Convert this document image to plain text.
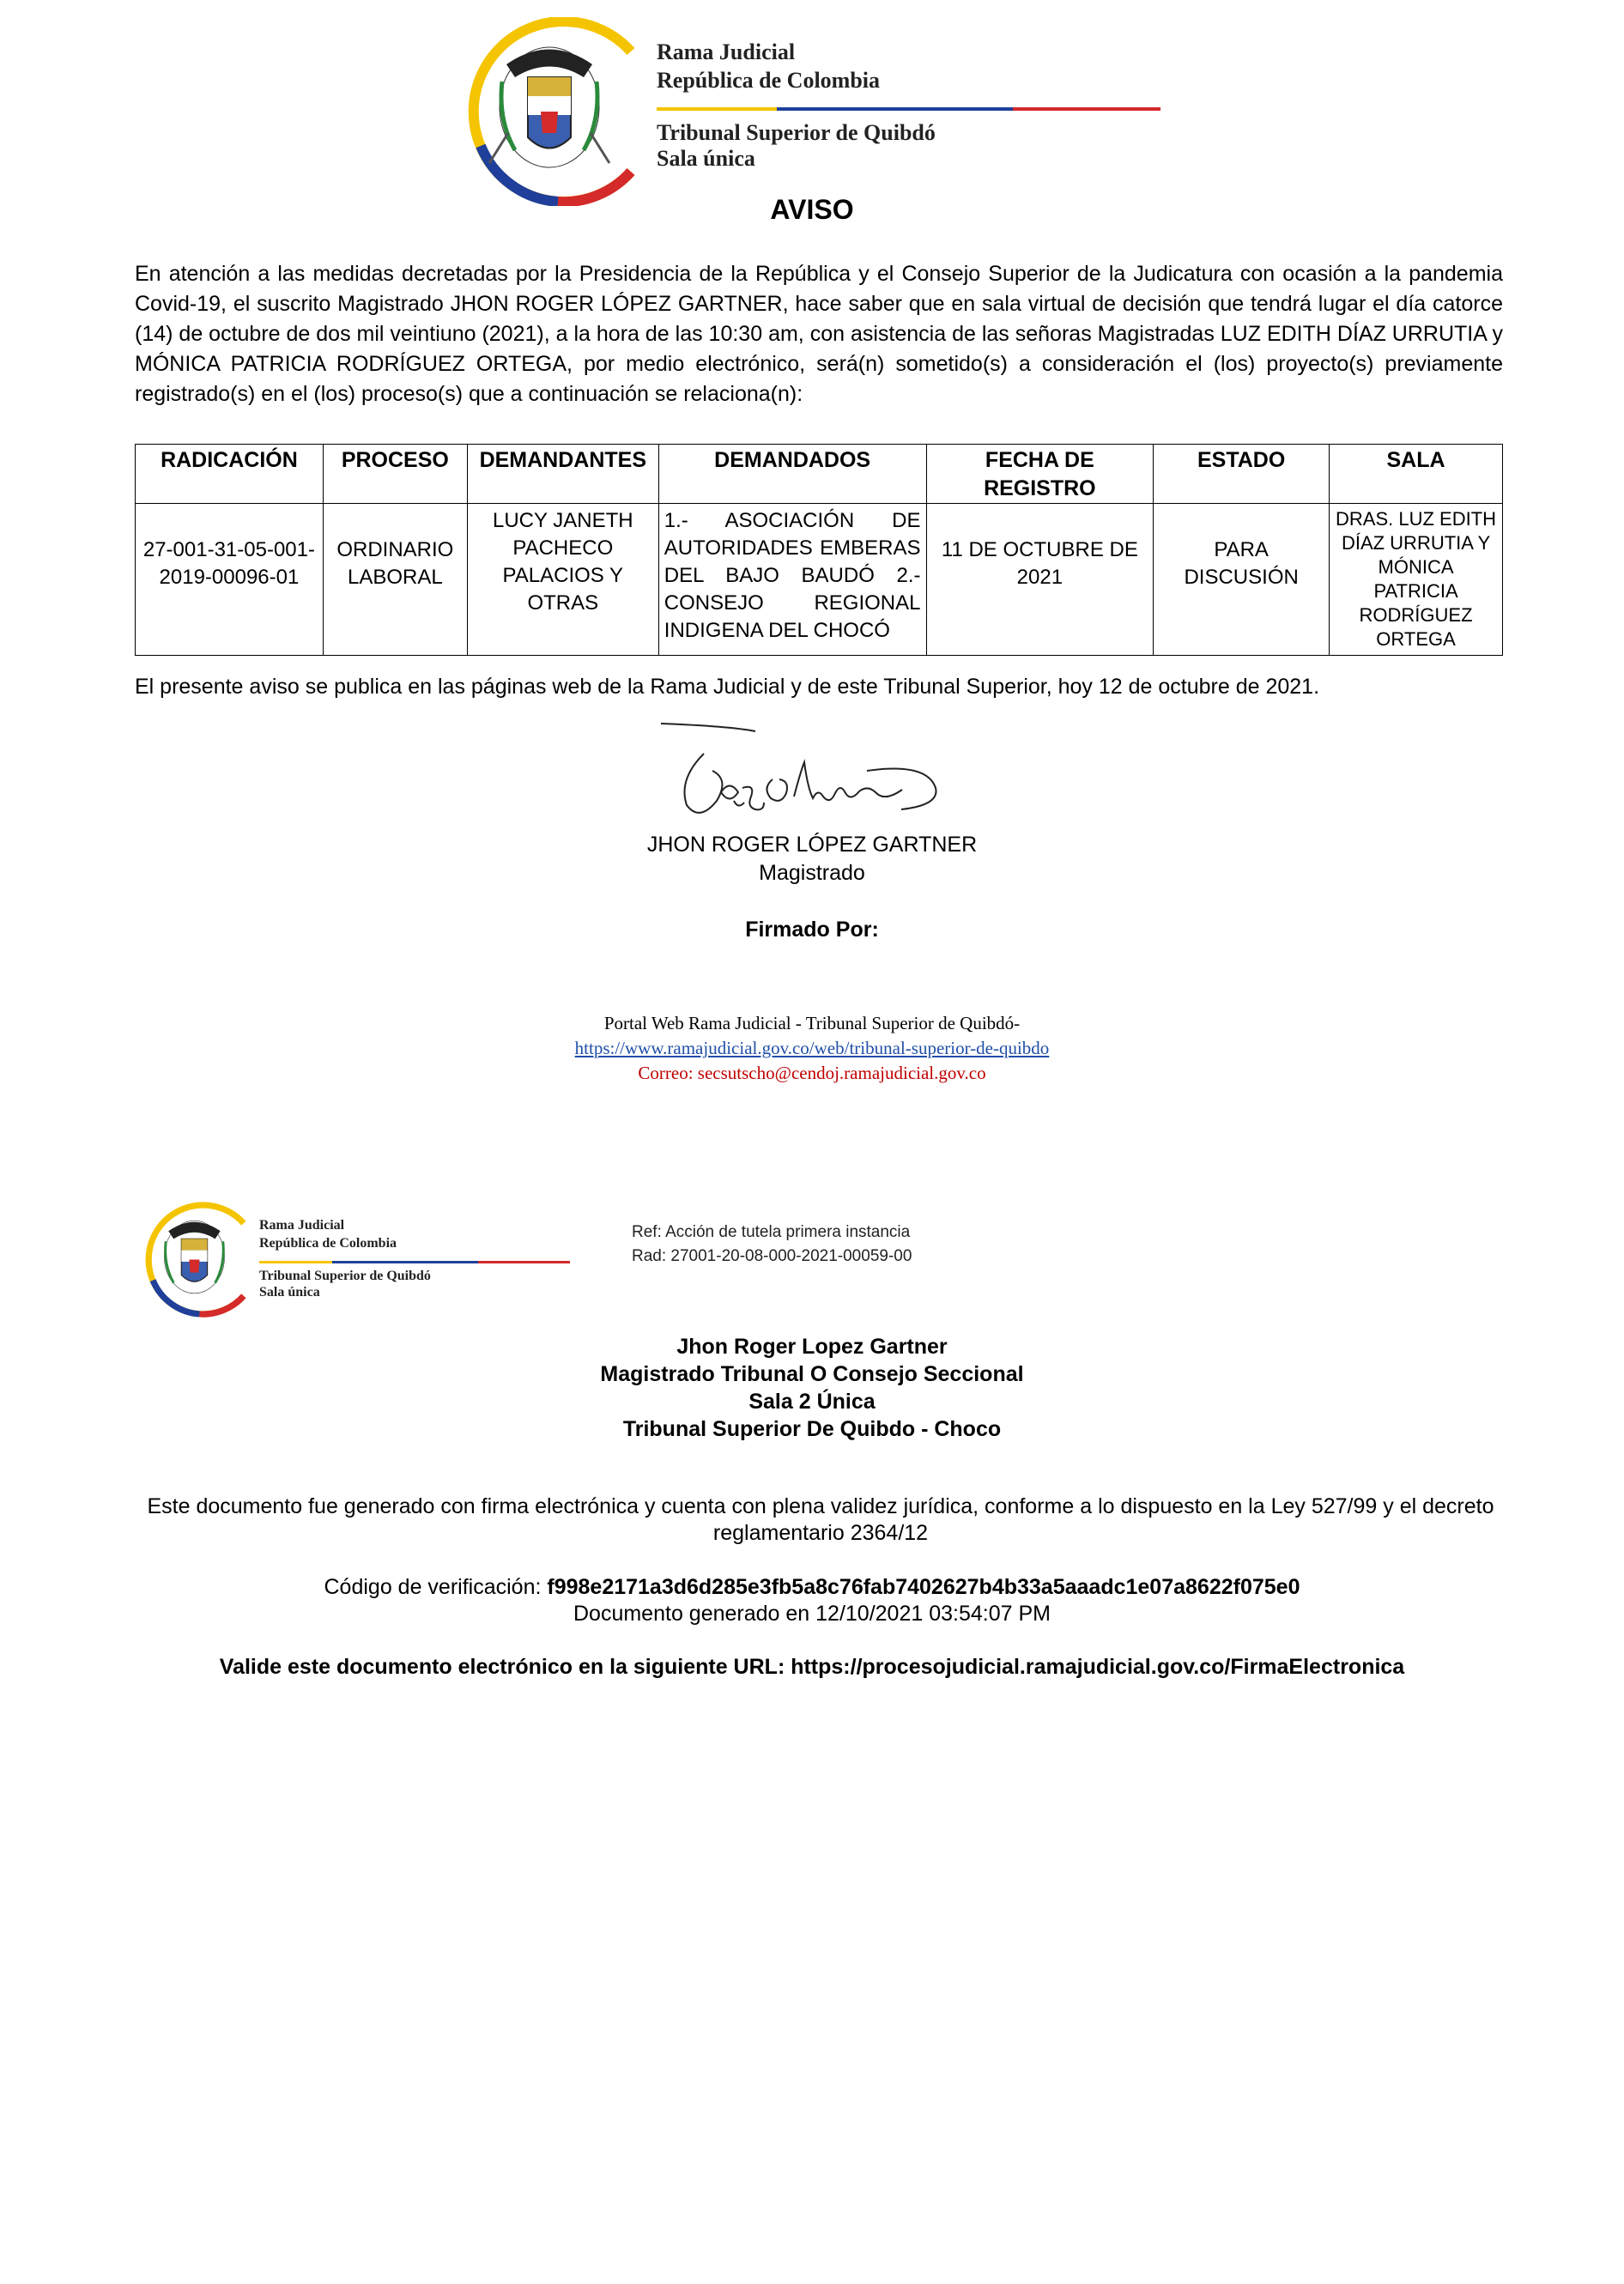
Rama Judicial
República de Colombia
Tribunal Superior de Quibdó
Sala única
AVISO
En atención a las medidas decretadas por la Presidencia de la República y el Consejo Superior de la Judicatura con ocasión a la pandemia Covid-19, el suscrito Magistrado JHON ROGER LÓPEZ GARTNER, hace saber que en sala virtual de decisión que tendrá lugar el día catorce (14) de octubre de dos mil veintiuno (2021), a la hora de las 10:30 am, con asistencia de las señoras Magistradas LUZ EDITH DÍAZ URRUTIA y MÓNICA PATRICIA RODRÍGUEZ ORTEGA, por medio electrónico, será(n) sometido(s) a consideración el (los) proyecto(s) previamente registrado(s) en el (los) proceso(s) que a continuación se relaciona(n):
RADICACIÓN	PROCESO	DEMANDANTES	DEMANDADOS	FECHA DE REGISTRO	ESTADO	SALA
27-001-31-05-001-2019-00096-01	ORDINARIO LABORAL	LUCY JANETH PACHECO PALACIOS Y OTRAS	1.- ASOCIACIÓN DE AUTORIDADES EMBERAS DEL BAJO BAUDÓ 2.- CONSEJO REGIONAL INDIGENA DEL CHOCÓ	11 DE OCTUBRE DE 2021	PARA DISCUSIÓN	DRAS. LUZ EDITH DÍAZ URRUTIA Y MÓNICA PATRICIA RODRÍGUEZ ORTEGA
El presente aviso se publica en las páginas web de la Rama Judicial y de este Tribunal Superior, hoy 12 de octubre de 2021.
JHON ROGER LÓPEZ GARTNER
Magistrado
Firmado Por:
Portal Web Rama Judicial - Tribunal Superior de Quibdó-
https://www.ramajudicial.gov.co/web/tribunal-superior-de-quibdo
Correo: secsutscho@cendoj.ramajudicial.gov.co
Rama Judicial
República de Colombia
Tribunal Superior de Quibdó
Sala única
Ref: Acción de tutela primera instancia
Rad: 27001-20-08-000-2021-00059-00
Jhon Roger Lopez Gartner
Magistrado Tribunal O Consejo Seccional
Sala 2 Única
Tribunal Superior De Quibdo - Choco
Este documento fue generado con firma electrónica y cuenta con plena validez jurídica, conforme a lo dispuesto en la Ley 527/99 y el decreto reglamentario 2364/12
Código de verificación: f998e2171a3d6d285e3fb5a8c76fab7402627b4b33a5aaadc1e07a8622f075e0
Documento generado en 12/10/2021 03:54:07 PM
Valide este documento electrónico en la siguiente URL: https://procesojudicial.ramajudicial.gov.co/FirmaElectronica
